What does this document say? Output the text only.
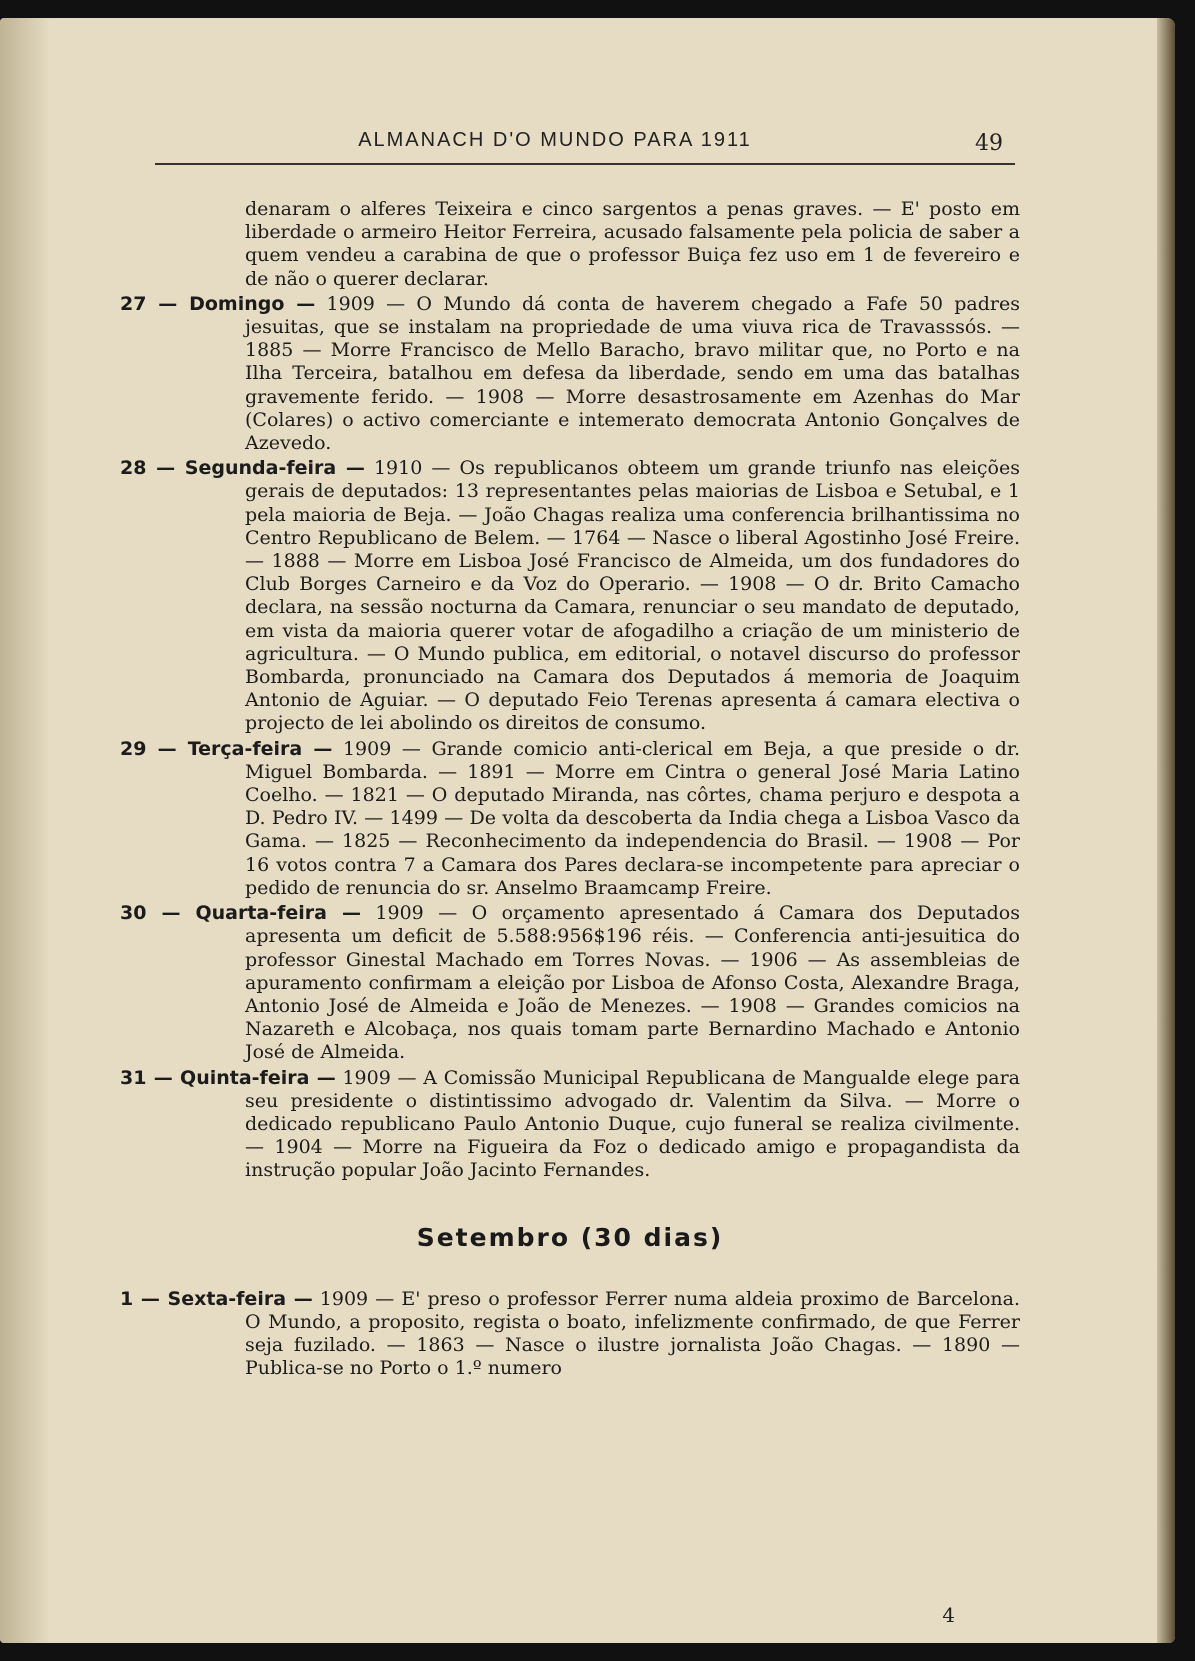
ALMANACH D'O MUNDO PARA 1911	49

denaram o alferes Teixeira e cinco sargentos a penas graves. — E' posto em liberdade o armeiro Heitor Ferreira, acusado falsamente pela policia de saber a quem vendeu a carabina de que o professor Buiça fez uso em 1 de fevereiro e de não o querer declarar.

27 — Domingo — 1909 — O Mundo dá conta de haverem chegado a Fafe 50 padres jesuitas, que se instalam na propriedade de uma viuva rica de Travasssós. — 1885 — Morre Francisco de Mello Baracho, bravo militar que, no Porto e na Ilha Terceira, batalhou em defesa da liberdade, sendo em uma das batalhas gravemente ferido. — 1908 — Morre desastrosamente em Azenhas do Mar (Colares) o activo comerciante e intemerato democrata Antonio Gonçalves de Azevedo.

28 — Segunda-feira — 1910 — Os republicanos obteem um grande triunfo nas eleições gerais de deputados: 13 representantes pelas maiorias de Lisboa e Setubal, e 1 pela maioria de Beja. — João Chagas realiza uma conferencia brilhantissima no Centro Republicano de Belem. — 1764 — Nasce o liberal Agostinho José Freire. — 1888 — Morre em Lisboa José Francisco de Almeida, um dos fundadores do Club Borges Carneiro e da Voz do Operario. — 1908 — O dr. Brito Camacho declara, na sessão nocturna da Camara, renunciar o seu mandato de deputado, em vista da maioria querer votar de afogadilho a criação de um ministerio de agricultura. — O Mundo publica, em editorial, o notavel discurso do professor Bombarda, pronunciado na Camara dos Deputados á memoria de Joaquim Antonio de Aguiar. — O deputado Feio Terenas apresenta á camara electiva o projecto de lei abolindo os direitos de consumo.

29 — Terça-feira — 1909 — Grande comicio anti-clerical em Beja, a que preside o dr. Miguel Bombarda. — 1891 — Morre em Cintra o general José Maria Latino Coelho. — 1821 — O deputado Miranda, nas côrtes, chama perjuro e despota a D. Pedro IV. — 1499 — De volta da descoberta da India chega a Lisboa Vasco da Gama. — 1825 — Reconhecimento da independencia do Brasil. — 1908 — Por 16 votos contra 7 a Camara dos Pares declara-se incompetente para apreciar o pedido de renuncia do sr. Anselmo Braamcamp Freire.

30 — Quarta-feira — 1909 — O orçamento apresentado á Camara dos Deputados apresenta um deficit de 5.588:956$196 réis. — Conferencia anti-jesuitica do professor Ginestal Machado em Torres Novas. — 1906 — As assembleias de apuramento confirmam a eleição por Lisboa de Afonso Costa, Alexandre Braga, Antonio José de Almeida e João de Menezes. — 1908 — Grandes comicios na Nazareth e Alcobaça, nos quais tomam parte Bernardino Machado e Antonio José de Almeida.

31 — Quinta-feira — 1909 — A Comissão Municipal Republicana de Mangualde elege para seu presidente o distintissimo advogado dr. Valentim da Silva. — Morre o dedicado republicano Paulo Antonio Duque, cujo funeral se realiza civilmente. — 1904 — Morre na Figueira da Foz o dedicado amigo e propagandista da instrução popular João Jacinto Fernandes.

Setembro (30 dias)

1 — Sexta-feira — 1909 — E' preso o professor Ferrer numa aldeia proximo de Barcelona. O Mundo, a proposito, regista o boato, infelizmente confirmado, de que Ferrer seja fuzilado. — 1863 — Nasce o ilustre jornalista João Chagas. — 1890 — Publica-se no Porto o 1.º numero

4
